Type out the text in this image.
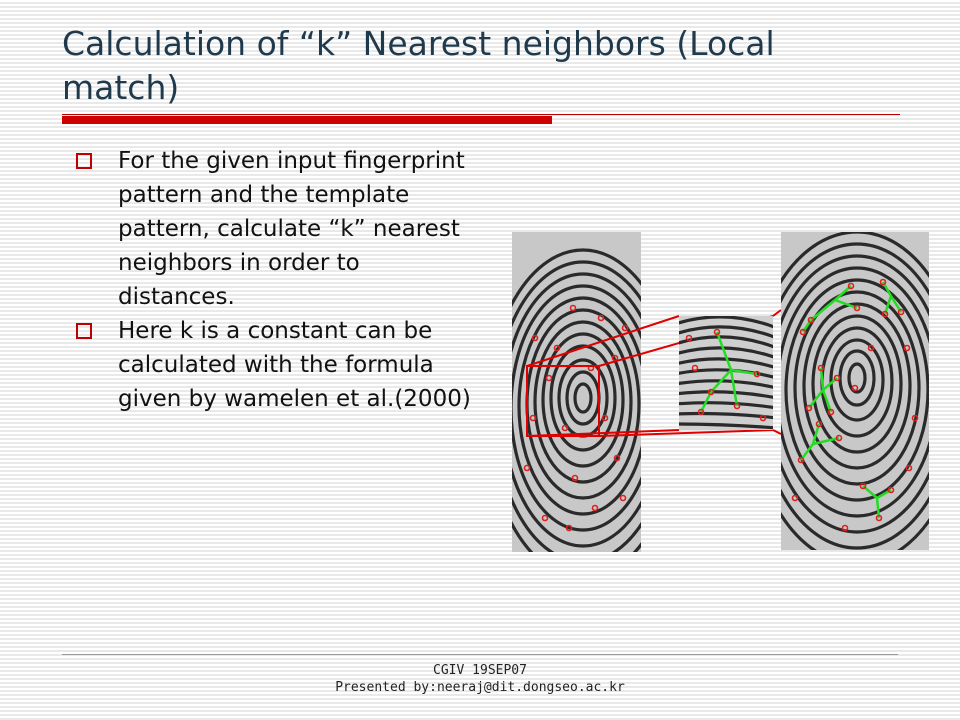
Calculation of “k” Nearest neighbors (Local match)
For the given input fingerprint pattern and the template pattern, calculate “k” nearest neighbors in order to distances.
Here k is a constant can be calculated with the formula given by wamelen et al.(2000)
CGIV 19SEP07
Presented by:neeraj@dit.dongseo.ac.kr
